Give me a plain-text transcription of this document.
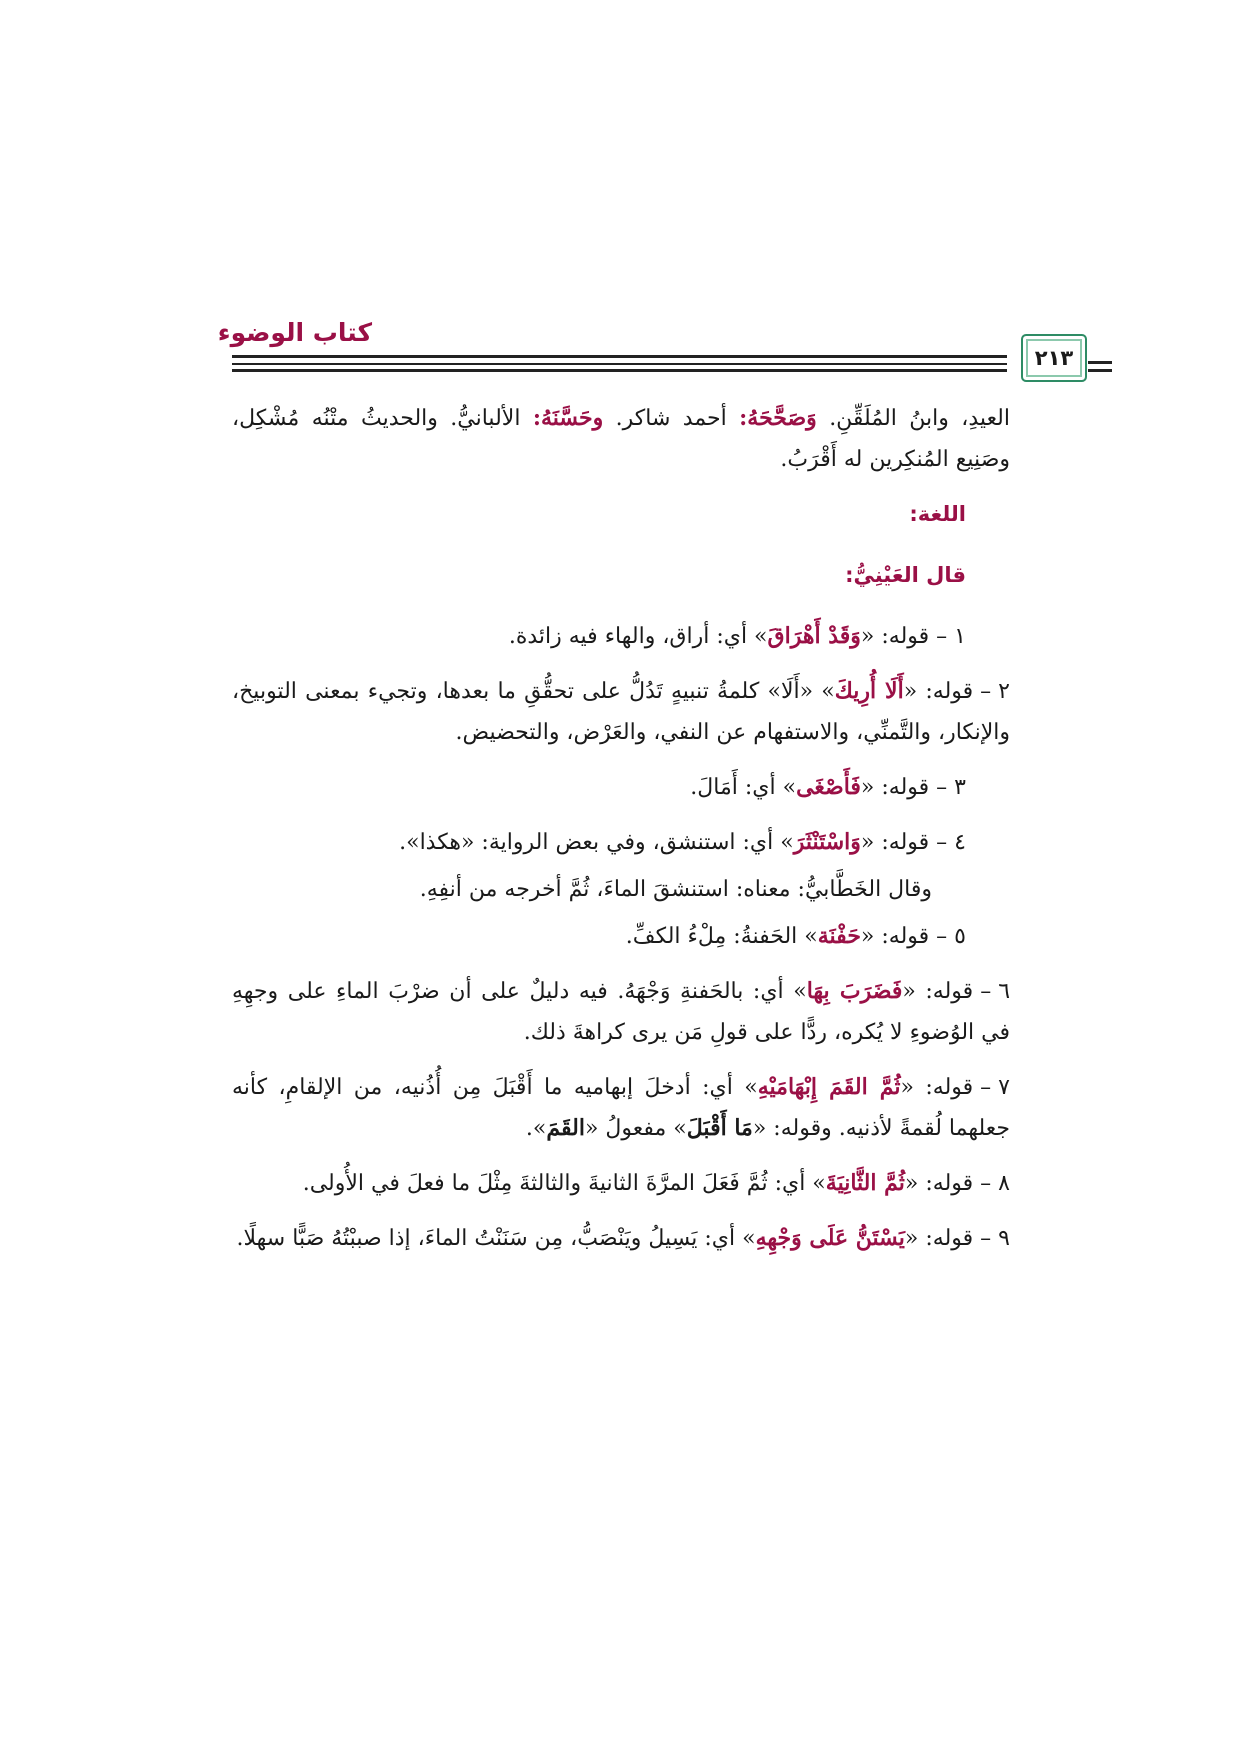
كتاب الوضوء
٢١٣

العيدِ، وابنُ المُلَقِّنِ. وَصَحَّحَهُ: أحمد شاكر. وحَسَّنَهُ: الألبانيُّ. والحديثُ متْنُه مُشْكِل، وصَنِيع المُنكِرين له أَقْرَبُ.

اللغة:
قال العَيْنِيُّ:

١–قوله: «وَقَدْ أَهْرَاقَ» أي: أراق، والهاء فيه زائدة.

٢–قوله: «أَلَا أُرِيكَ» «أَلَا» كلمةُ تنبيهٍ تَدُلُّ على تحقُّقِ ما بعدها، وتجيء بمعنى التوبيخ، والإنكار، والتَّمنِّي، والاستفهام عن النفي، والعَرْض، والتحضيض.

٣–قوله: «فَأَصْغَى» أي: أَمَالَ.

٤–قوله: «وَاسْتَنْثَرَ» أي: استنشق، وفي بعض الرواية: «هكذا».

وقال الخَطَّابيُّ: معناه: استنشقَ الماءَ، ثُمَّ أخرجه من أنفِهِ.

٥–قوله: «حَفْنَة» الحَفنةُ: مِلْءُ الكفِّ.

٦–قوله: «فَضَرَبَ بِهَا» أي: بالحَفنةِ وَجْهَهُ. فيه دليلٌ على أن ضرْبَ الماءِ على وجهِهِ في الوُضوءِ لا يُكره، ردًّا على قولِ مَن يرى كراهةَ ذلك.

٧–قوله: «ثُمَّ القَمَ إِبْهَامَيْهِ» أي: أدخلَ إبهاميه ما أَقْبَلَ مِن أُذُنيه، من الإلقامِ، كأنه جعلهما لُقمةً لأذنيه. وقوله: «مَا أَقْبَلَ» مفعولُ «القَمَ».

٨–قوله: «ثُمَّ الثَّانِيَةَ» أي: ثُمَّ فَعَلَ المرَّةَ الثانيةَ والثالثةَ مِثْلَ ما فعلَ في الأُولى.

٩–قوله: «يَسْتَنُّ عَلَى وَجْهِهِ» أي: يَسِيلُ ويَنْصَبُّ، مِن سَنَنْتُ الماءَ، إذا صببْتُهُ صَبًّا سهلًا.
